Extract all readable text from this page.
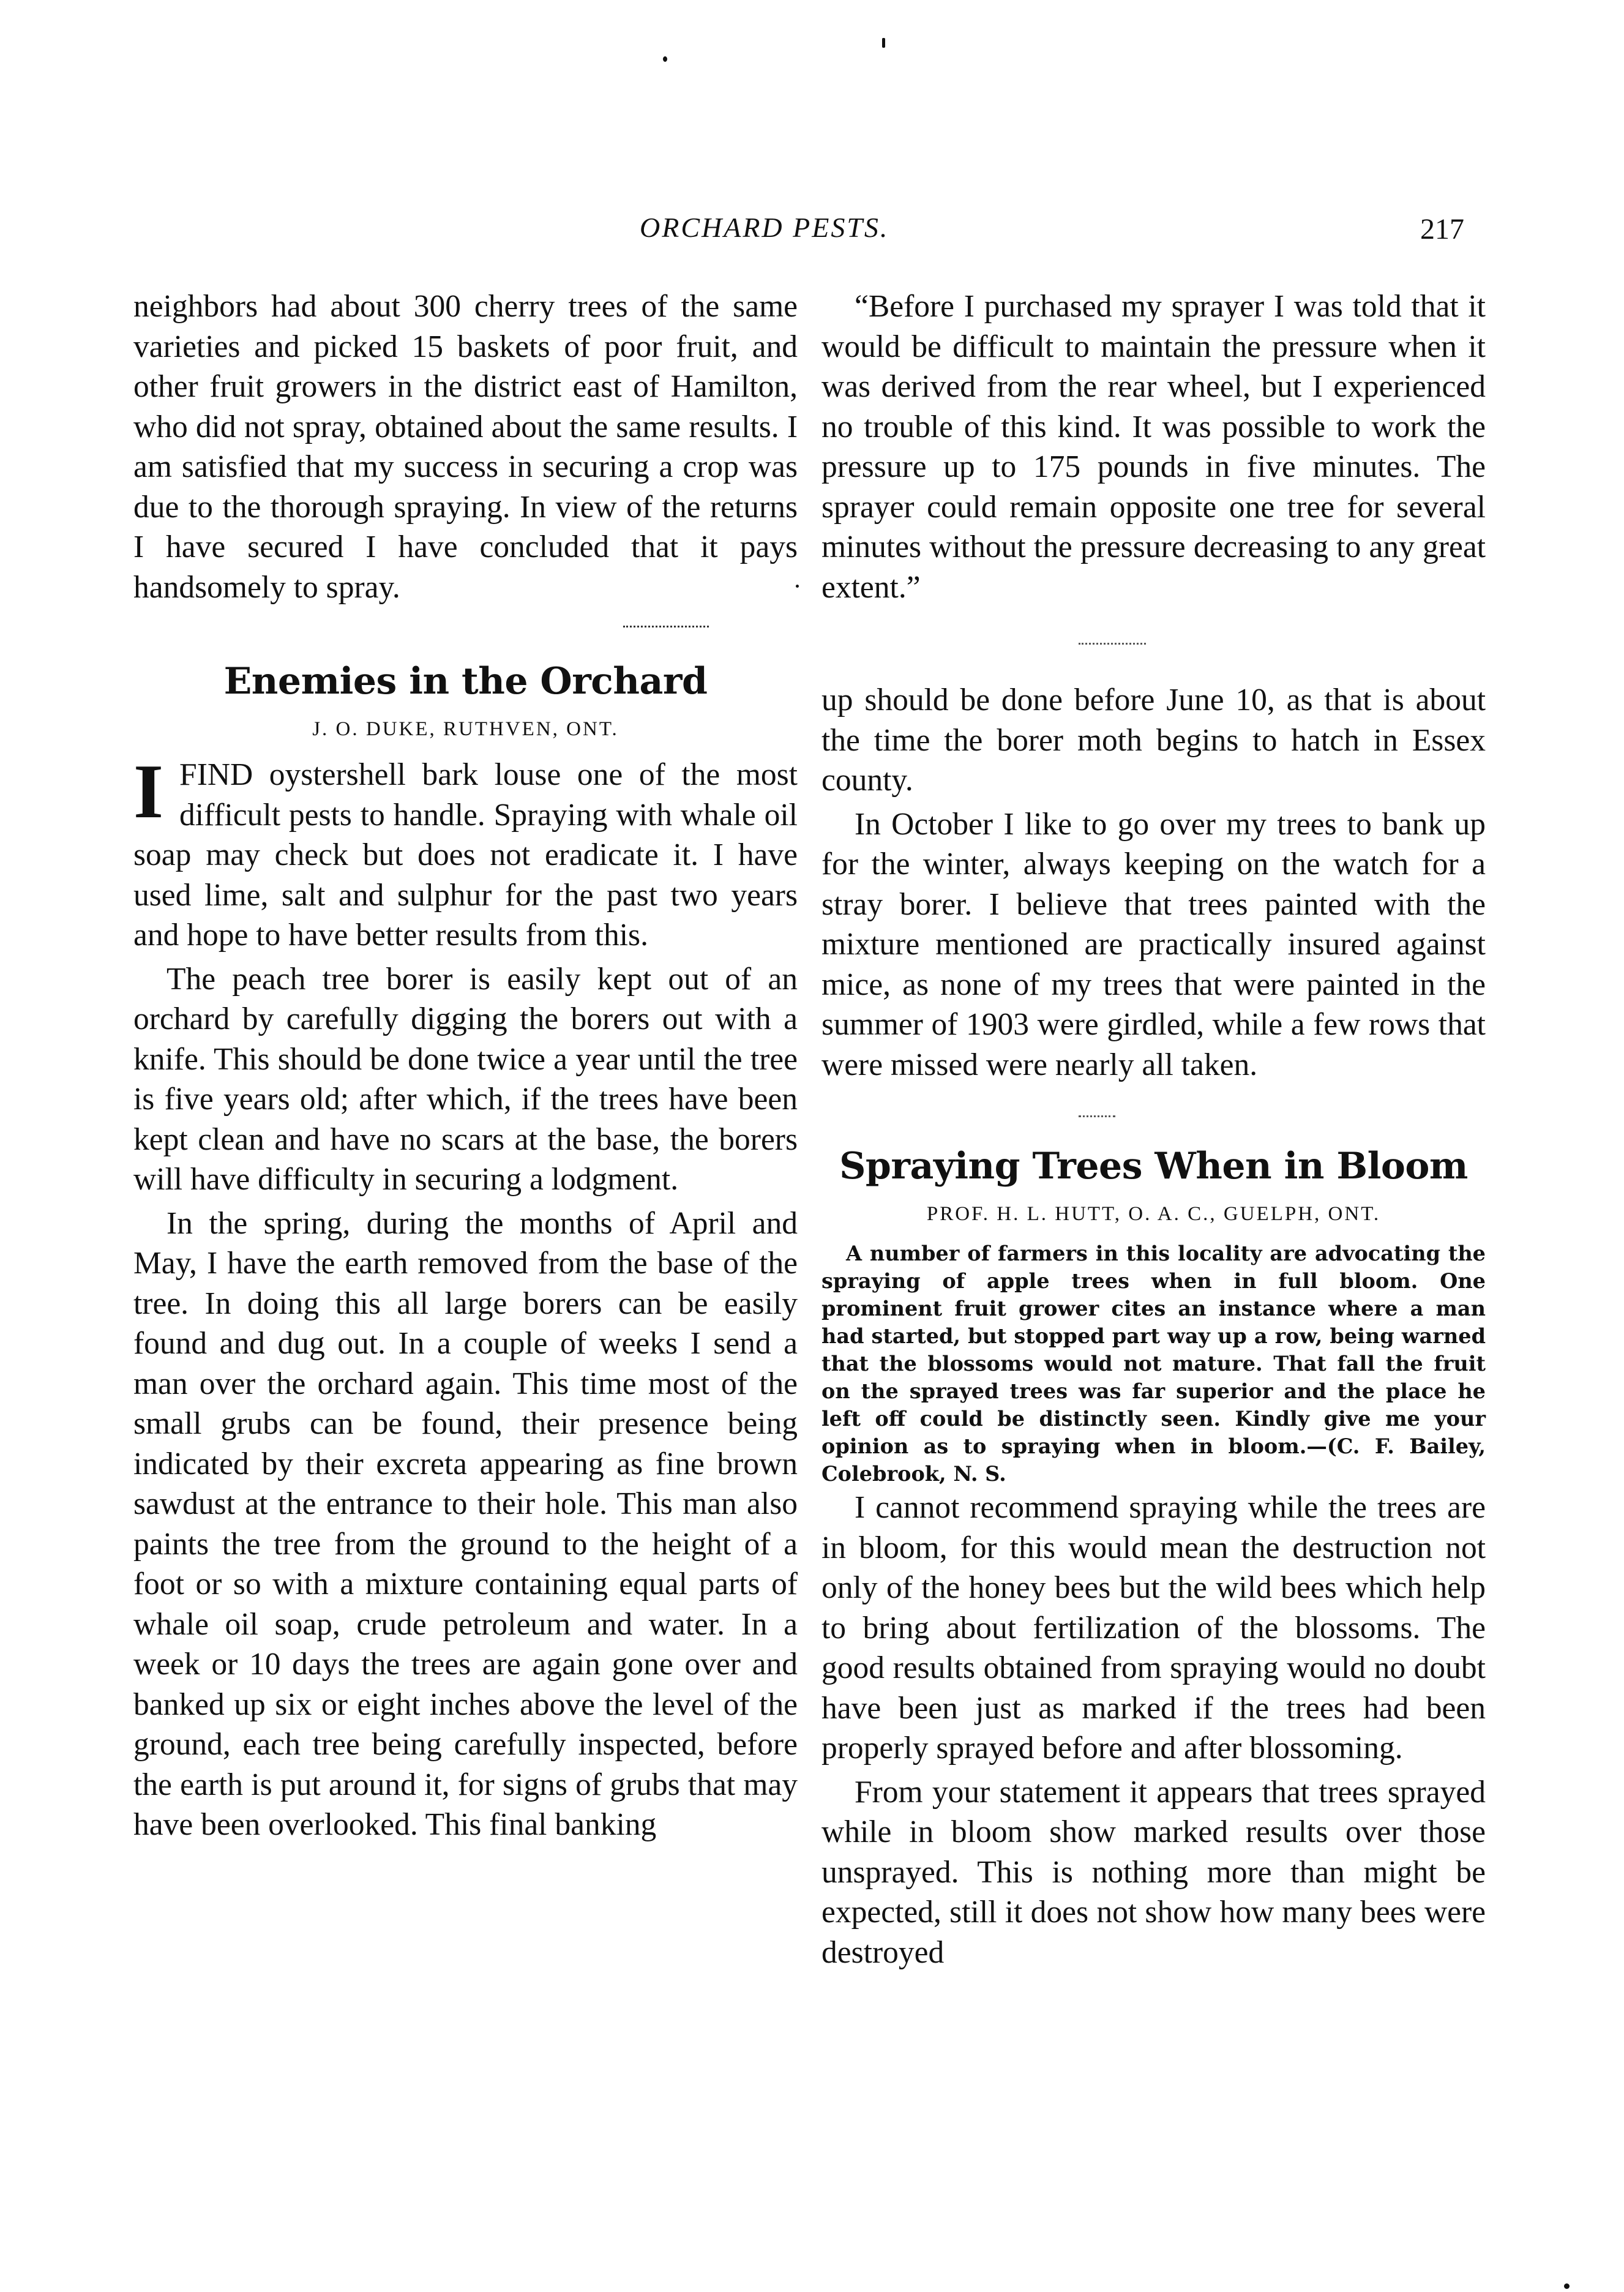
ORCHARD PESTS.	217

neighbors had about 300 cherry trees of the same varieties and picked 15 baskets of poor fruit, and other fruit growers in the district east of Hamilton, who did not spray, obtained about the same results. I am satisfied that my success in securing a crop was due to the thorough spraying. In view of the returns I have secured I have concluded that it pays handsomely to spray.

Enemies in the Orchard
J. O. DUKE, RUTHVEN, ONT.

IFIND oystershell bark louse one of the most difficult pests to handle. Spraying with whale oil soap may check but does not eradicate it. I have used lime, salt and sulphur for the past two years and hope to have better results from this.

The peach tree borer is easily kept out of an orchard by carefully digging the borers out with a knife. This should be done twice a year until the tree is five years old; after which, if the trees have been kept clean and have no scars at the base, the borers will have difficulty in securing a lodgment.

In the spring, during the months of April and May, I have the earth removed from the base of the tree. In doing this all large borers can be easily found and dug out. In a couple of weeks I send a man over the orchard again. This time most of the small grubs can be found, their presence being indicated by their excreta appearing as fine brown sawdust at the entrance to their hole. This man also paints the tree from the ground to the height of a foot or so with a mixture containing equal parts of whale oil soap, crude petroleum and water. In a week or 10 days the trees are again gone over and banked up six or eight inches above the level of the ground, each tree being carefully inspected, before the earth is put around it, for signs of grubs that may have been overlooked. This final banking

“Before I purchased my sprayer I was told that it would be difficult to maintain the pressure when it was derived from the rear wheel, but I experienced no trouble of this kind. It was possible to work the pressure up to 175 pounds in five minutes. The sprayer could remain opposite one tree for several minutes without the pressure decreasing to any great extent.”

up should be done before June 10, as that is about the time the borer moth begins to hatch in Essex county.

In October I like to go over my trees to bank up for the winter, always keeping on the watch for a stray borer. I believe that trees painted with the mixture mentioned are practically insured against mice, as none of my trees that were painted in the summer of 1903 were girdled, while a few rows that were missed were nearly all taken.

Spraying Trees When in Bloom
PROF. H. L. HUTT, O. A. C., GUELPH, ONT.

A number of farmers in this locality are advocating the spraying of apple trees when in full bloom. One prominent fruit grower cites an instance where a man had started, but stopped part way up a row, being warned that the blossoms would not mature. That fall the fruit on the sprayed trees was far superior and the place he left off could be distinctly seen. Kindly give me your opinion as to spraying when in bloom.—(C. F. Bailey, Colebrook, N. S.

I cannot recommend spraying while the trees are in bloom, for this would mean the destruction not only of the honey bees but the wild bees which help to bring about fertilization of the blossoms. The good results obtained from spraying would no doubt have been just as marked if the trees had been properly sprayed before and after blossoming.

From your statement it appears that trees sprayed while in bloom show marked results over those unsprayed. This is nothing more than might be expected, still it does not show how many bees were destroyed
